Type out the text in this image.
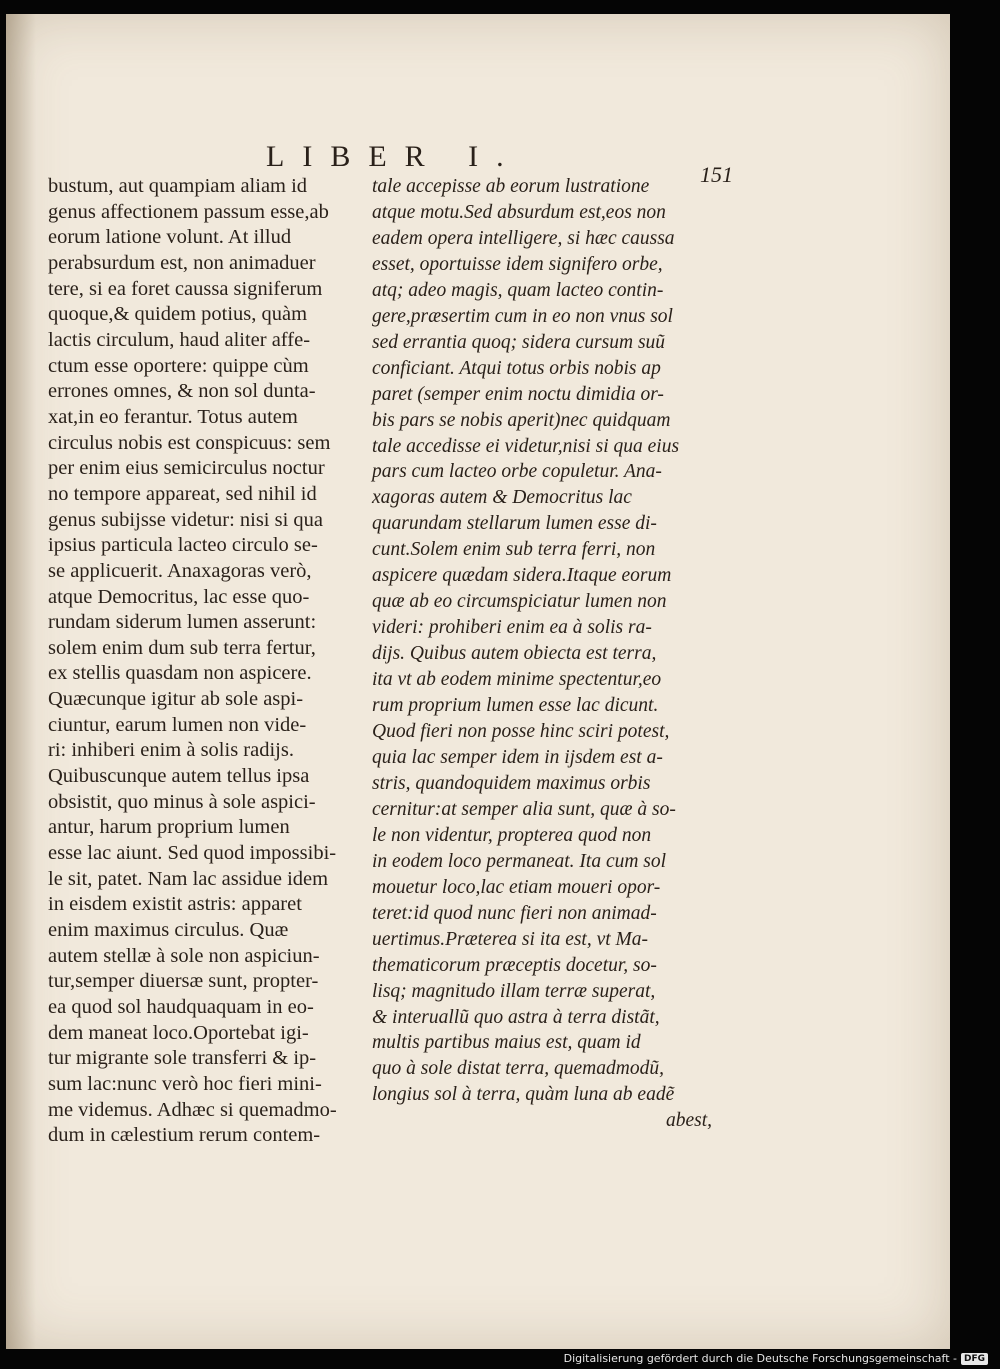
LIBER I.
151
bustum, aut quampiam aliam id
genus affectionem passum esse,ab
eorum latione volunt. At illud
perabsurdum est, non animaduer
tere, si ea foret caussa signiferum
quoque,& quidem potius, quàm
lactis circulum, haud aliter affe-
ctum esse oportere: quippe cùm
errones omnes, & non sol dunta-
xat,in eo ferantur. Totus autem
circulus nobis est conspicuus: sem
per enim eius semicirculus noctur
no tempore appareat, sed nihil id
genus subijsse videtur: nisi si qua
ipsius particula lacteo circulo se-
se applicuerit. Anaxagoras verò,
atque Democritus, lac esse quo-
rundam siderum lumen asserunt:
solem enim dum sub terra fertur,
ex stellis quasdam non aspicere.
Quæcunque igitur ab sole aspi-
ciuntur, earum lumen non vide-
ri: inhiberi enim à solis radijs.
Quibuscunque autem tellus ipsa
obsistit, quo minus à sole aspici-
antur, harum proprium lumen
esse lac aiunt. Sed quod impossibi-
le sit, patet. Nam lac assidue idem
in eisdem existit astris: apparet
enim maximus circulus. Quæ
autem stellæ à sole non aspiciun-
tur,semper diuersæ sunt, propter-
ea quod sol haudquaquam in eo-
dem maneat loco.Oportebat igi-
tur migrante sole transferri & ip-
sum lac:nunc verò hoc fieri mini-
me videmus. Adhæc si quemadmo-
dum in cælestium rerum contem-
tale accepisse ab eorum lustratione
atque motu.Sed absurdum est,eos non
eadem opera intelligere, si hæc caussa
esset, oportuisse idem signifero orbe,
atq; adeo magis, quam lacteo contin-
gere,præsertim cum in eo non vnus sol
sed errantia quoq; sidera cursum suũ
conficiant. Atqui totus orbis nobis ap
paret (semper enim noctu dimidia or-
bis pars se nobis aperit)nec quidquam
tale accedisse ei videtur,nisi si qua eius
pars cum lacteo orbe copuletur. Ana-
xagoras autem & Democritus lac
quarundam stellarum lumen esse di-
cunt.Solem enim sub terra ferri, non
aspicere quædam sidera.Itaque eorum
quæ ab eo circumspiciatur lumen non
videri: prohiberi enim ea à solis ra-
dijs. Quibus autem obiecta est terra,
ita vt ab eodem minime spectentur,eo
rum proprium lumen esse lac dicunt.
Quod fieri non posse hinc sciri potest,
quia lac semper idem in ijsdem est a-
stris, quandoquidem maximus orbis
cernitur:at semper alia sunt, quæ à so-
le non videntur, propterea quod non
in eodem loco permaneat. Ita cum sol
mouetur loco,lac etiam moueri opor-
teret:id quod nunc fieri non animad-
uertimus.Præterea si ita est, vt Ma-
thematicorum præceptis docetur, so-
lisq; magnitudo illam terræ superat,
& interuallũ quo astra à terra distãt,
multis partibus maius est, quam id
quo à sole distat terra, quemadmodũ,
longius sol à terra, quàm luna ab eadẽ
abest,
Digitalisierung gefördert durch die Deutsche Forschungsgemeinschaft - DFG
